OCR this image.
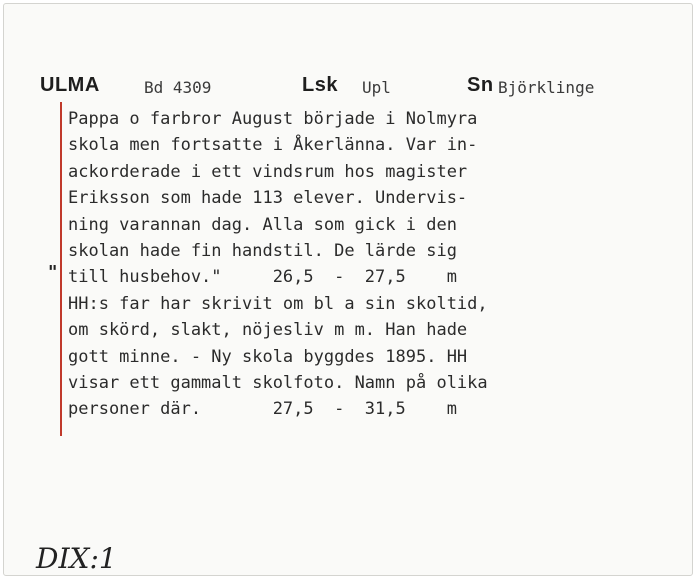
ULMA	Bd 4309	Lsk Upl	Sn Björklinge
"
Pappa o farbror August började i Nolmyra
skola men fortsatte i Åkerlänna. Var in-
ackorderade i ett vindsrum hos magister
Eriksson som hade 113 elever. Undervis-
ning varannan dag. Alla som gick i den
skolan hade fin handstil. De lärde sig
till husbehov."     26,5  -  27,5    m
HH:s far har skrivit om bl a sin skoltid,
om skörd, slakt, nöjesliv m m. Han hade
gott minne. - Ny skola byggdes 1895. HH
visar ett gammalt skolfoto. Namn på olika
personer där.       27,5  -  31,5    m
DIX:1
